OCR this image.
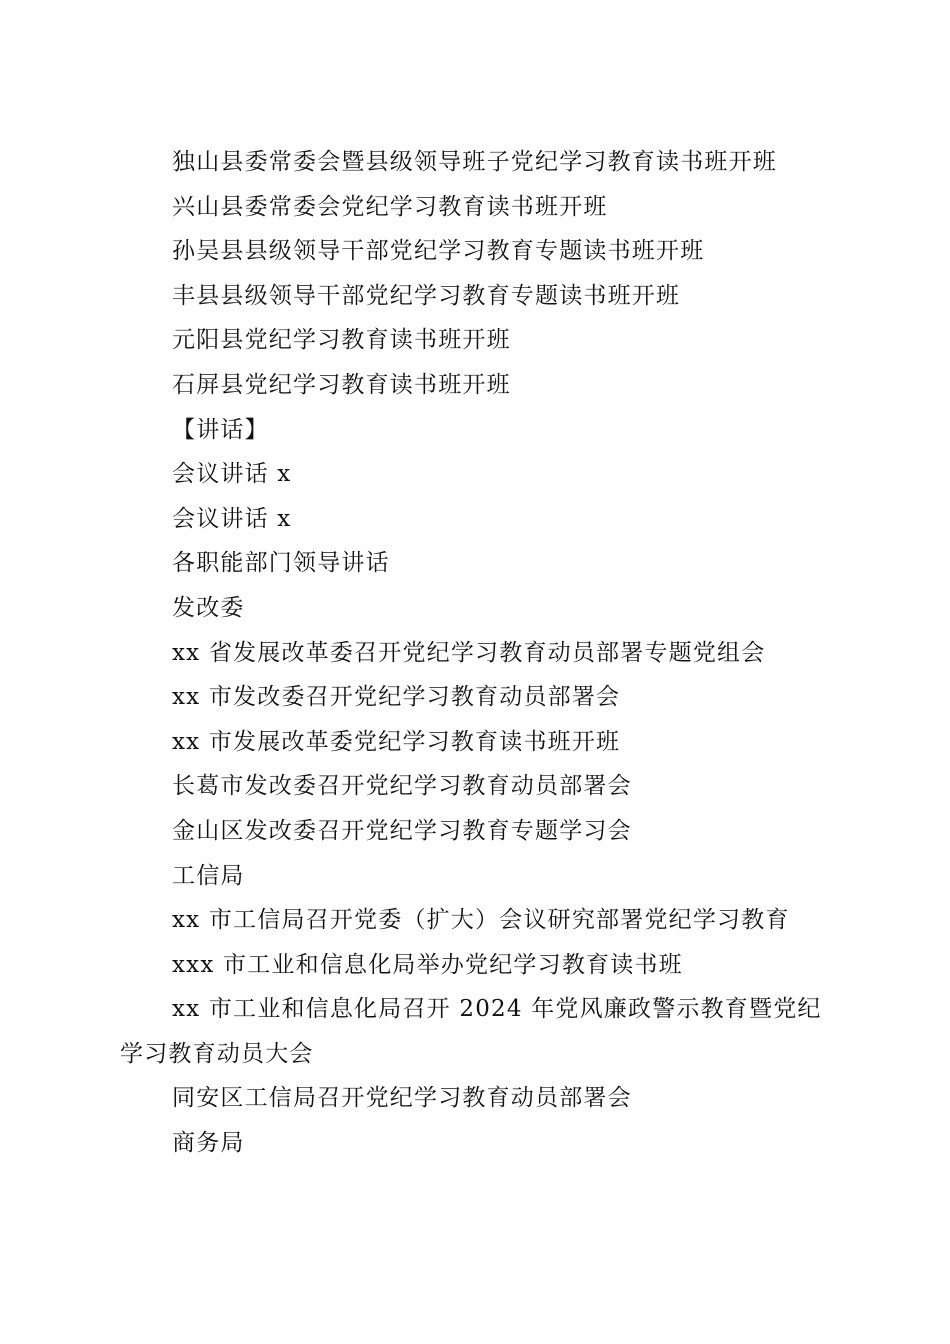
独山县委常委会暨县级领导班子党纪学习教育读书班开班

兴山县委常委会党纪学习教育读书班开班

孙吴县县级领导干部党纪学习教育专题读书班开班

丰县县级领导干部党纪学习教育专题读书班开班

元阳县党纪学习教育读书班开班

石屏县党纪学习教育读书班开班

【讲话】

会议讲话 x

会议讲话 x

各职能部门领导讲话

发改委

xx 省发展改革委召开党纪学习教育动员部署专题党组会

xx 市发改委召开党纪学习教育动员部署会

xx 市发展改革委党纪学习教育读书班开班

长葛市发改委召开党纪学习教育动员部署会

金山区发改委召开党纪学习教育专题学习会

工信局

xx 市工信局召开党委（扩大）会议研究部署党纪学习教育

xxx 市工业和信息化局举办党纪学习教育读书班

xx 市工业和信息化局召开 2024 年党风廉政警示教育暨党纪学习教育动员大会

同安区工信局召开党纪学习教育动员部署会

商务局
